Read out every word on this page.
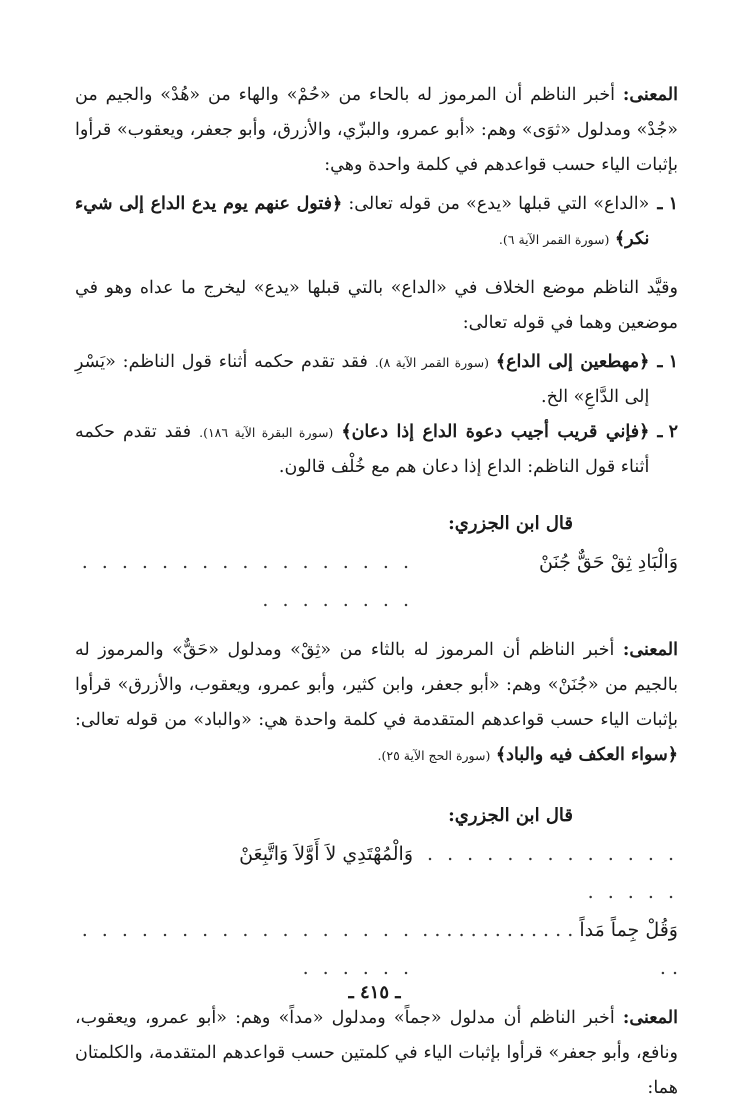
المعنى: أخبر الناظم أن المرموز له بالحاء من «حُمْ» والهاء من «هُدْ» والجيم من «جُدْ» ومدلول «ثوَى» وهم: «أبو عمرو، والبزّي، والأزرق، وأبو جعفر، ويعقوب» قرأوا بإثبات الياء حسب قواعدهم في كلمة واحدة وهي:

١ ـ
«الداع» التي قبلها «يدع» من قوله تعالى: ﴿فتول عنهم يوم يدع الداع إلى شيء نكر﴾ (سورة القمر الآية ٦).

وقيَّد الناظم موضع الخلاف في «الداع» بالتي قبلها «يدع» ليخرج ما عداه وهو في موضعين وهما في قوله تعالى:

١ ـ
﴿مهطعين إلى الداع﴾ (سورة القمر الآية ٨). فقد تقدم حكمه أثناء قول الناظم: «يَسْرِ إلى الدَّاعِ» الخ.
٢ ـ
﴿فإني قريب أجيب دعوة الداع إذا دعان﴾ (سورة البقرة الآية ١٨٦). فقد تقدم حكمه أثناء قول الناظم: الداع إذا دعان هم مع خُلْف قالون.
قال ابن الجزري:
وَالْبَادِ ثِقْ حَقٌّ جُنَنْ
. . . . . . . . . . . . . . . . . . . . . . . . .

المعنى: أخبر الناظم أن المرموز له بالثاء من «ثِقْ» ومدلول «حَقٌّ» والمرموز له بالجيم من «جُنَنْ» وهم: «أبو جعفر، وابن كثير، وأبو عمرو، ويعقوب، والأزرق» قرأوا بإثبات الياء حسب قواعدهم المتقدمة في كلمة واحدة هي: «والباد» من قوله تعالى: ﴿سواء العكف فيه والباد﴾ (سورة الحج الآية ٢٥).

قال ابن الجزري:
. . . . . . . . . . . . . . . . . .
وَالْمُهْتَدِي لاَ أَوَّلاَ وَاتَّبِعَنْ
وَقُلْ جِماً مَداً . . . . . . . . . . . . . . .
. . . . . . . . . . . . . . . . . . . . . . .

المعنى: أخبر الناظم أن مدلول «جماً» ومدلول «مداً» وهم: «أبو عمرو، ويعقوب، ونافع، وأبو جعفر» قرأوا بإثبات الياء في كلمتين حسب قواعدهم المتقدمة، والكلمتان هما:

ـ ٤١٥ ـ
